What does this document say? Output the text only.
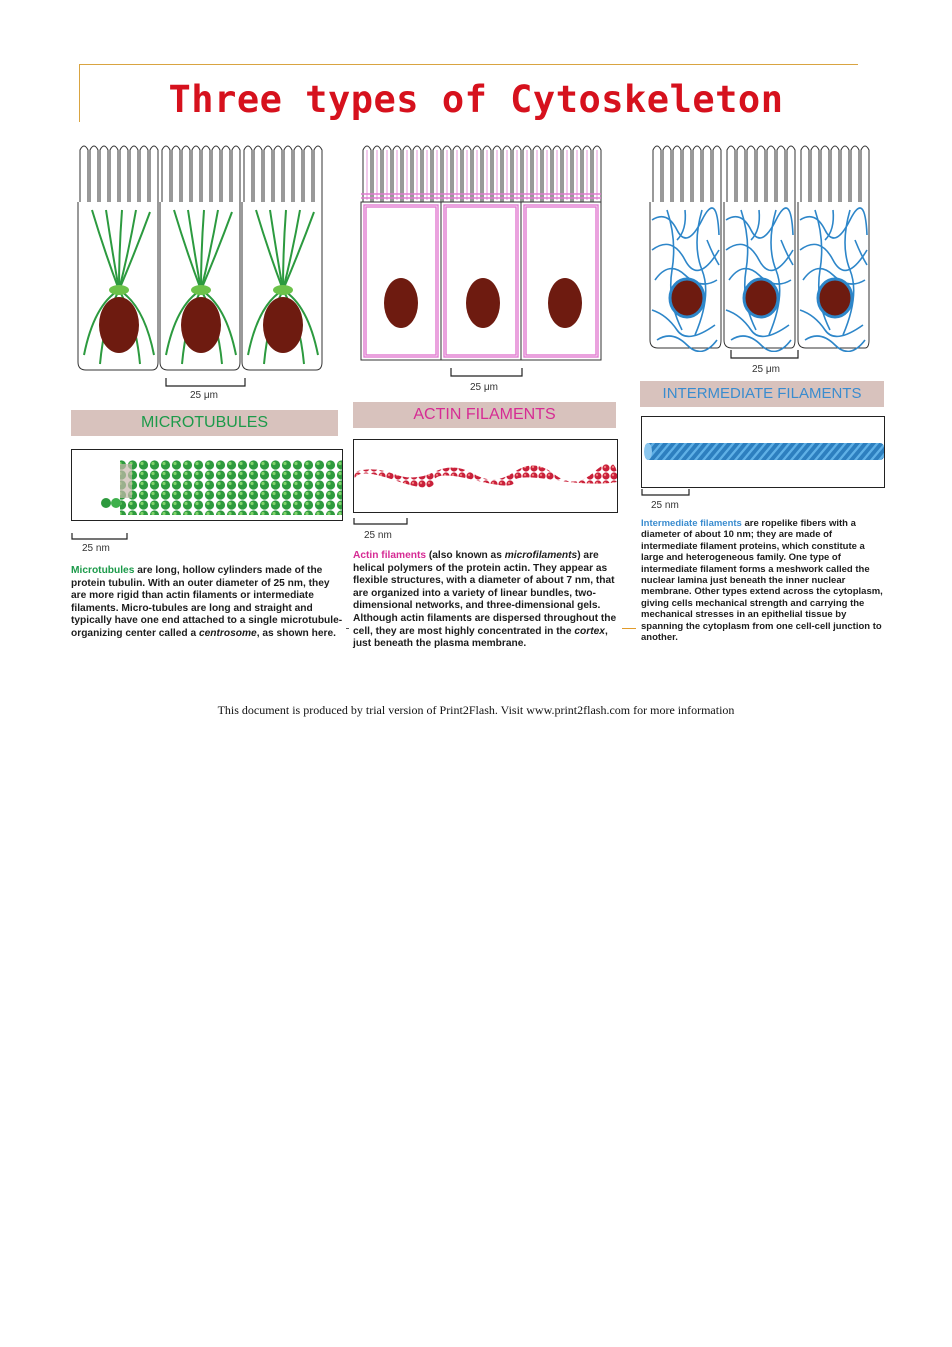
Three types of Cytoskeleton
25 μm
MICROTUBULES
25 nm

Microtubules are long, hollow cylinders made of the protein tubulin. With an outer diameter of 25 nm, they are more rigid than actin filaments or intermediate filaments. Micro-tubules are long and straight and typically have one end attached to a single microtubule-organizing center called a centrosome, as shown here.

25 μm
ACTIN FILAMENTS
25 nm

Actin filaments (also known as microfilaments) are helical polymers of the protein actin. They appear as flexible structures, with a diameter of about 7 nm, that are organized into a variety of linear bundles, two-dimensional networks, and three-dimensional gels. Although actin filaments are dispersed throughout the cell, they are most highly concentrated in the cortex, just beneath the plasma membrane.

25 μm
INTERMEDIATE FILAMENTS
25 nm

Intermediate filaments are ropelike fibers with a diameter of about 10 nm; they are made of intermediate filament proteins, which constitute a large and heterogeneous family. One type of intermediate filament forms a meshwork called the nuclear lamina just beneath the inner nuclear membrane. Other types extend across the cytoplasm, giving cells mechanical strength and carrying the mechanical stresses in an epithelial tissue by spanning the cytoplasm from one cell-cell junction to another.

This document is produced by trial version of Print2Flash. Visit www.print2flash.com for more information
